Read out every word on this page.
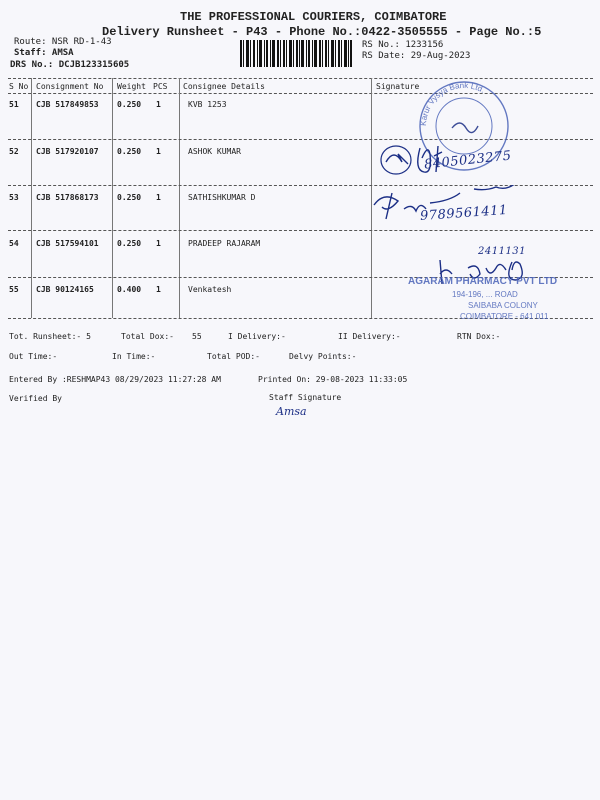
THE PROFESSIONAL COURIERS, COIMBATORE
Delivery Runsheet - P43 - Phone No.:0422-3505555 - Page No.:5
Route: NSR RD-1-43
Staff: AMSA
DRS No.: DCJB123315605
RS No.: 1233156
RS Date: 29-Aug-2023
S No Consignment No Weight PCS Consignee Details	Signature
51 CJB 517849853 0.250 1	KVB 1253
52 CJB 517920107 0.250 1	ASHOK KUMAR
53 CJB 517868173 0.250 1	SATHISHKUMAR D
54 CJB 517594101 0.250 1	PRADEEP RAJARAM
55 CJB 90124165	0.400 1	Venkatesh
Karur Vysya Bank Ltd.
8405023275
9789561411
2411131
AGARAM PHARMACY PVT LTD
194-196, ... ROAD
SAIBABA COLONY
COIMBATORE - 641 011
Tot. Runsheet:- 5	Total Dox:- 55	I Delivery:-	II Delivery:-	RTN Dox:-
Out Time:-	In Time:-	Total POD:-	Delvy Points:-
Entered By :RESHMAP43 08/29/2023 11:27:28 AM	Printed On: 29-08-2023 11:33:05
Verified By	Staff Signature
Amsa
